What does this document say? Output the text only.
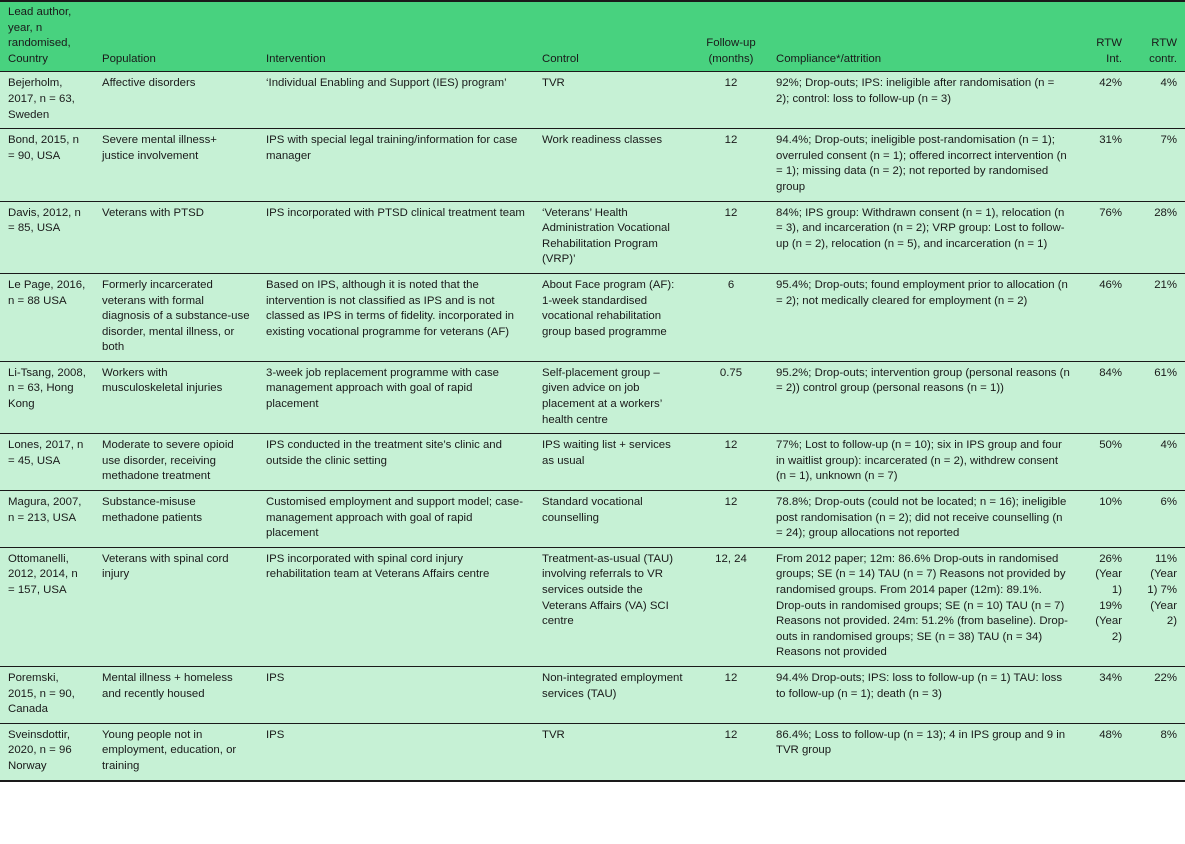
Lead author, year, n randomised, Country	Population	Intervention	Control	Follow-up (months)	Compliance*/attrition	RTW Int.	RTW contr.
Bejerholm, 2017, n = 63, Sweden	Affective disorders	‘Individual Enabling and Support (IES) program’	TVR	12	92%; Drop-outs; IPS: ineligible after randomisation (n = 2); control: loss to follow-up (n = 3)	42%	4%
Bond, 2015, n = 90, USA	Severe mental illness+ justice involvement	IPS with special legal training/information for case manager	Work readiness classes	12	94.4%; Drop-outs; ineligible post-randomisation (n = 1); overruled consent (n = 1); offered incorrect intervention (n = 1); missing data (n = 2); not reported by randomised group	31%	7%
Davis, 2012, n = 85, USA	Veterans with PTSD	IPS incorporated with PTSD clinical treatment team	‘Veterans’ Health Administration Vocational Rehabilitation Program (VRP)’	12	84%; IPS group: Withdrawn consent (n = 1), relocation (n = 3), and incarceration (n = 2); VRP group: Lost to follow-up (n = 2), relocation (n = 5), and incarceration (n = 1)	76%	28%
Le Page, 2016, n = 88 USA	Formerly incarcerated veterans with formal diagnosis of a substance-use disorder, mental illness, or both	Based on IPS, although it is noted that the intervention is not classified as IPS and is not classed as IPS in terms of fidelity. incorporated in existing vocational programme for veterans (AF)	About Face program (AF): 1-week standardised vocational rehabilitation group based programme	6	95.4%; Drop-outs; found employment prior to allocation (n = 2); not medically cleared for employment (n = 2)	46%	21%
Li-Tsang, 2008, n = 63, Hong Kong	Workers with musculoskeletal injuries	3-week job replacement programme with case management approach with goal of rapid placement	Self-placement group – given advice on job placement at a workers’ health centre	0.75	95.2%; Drop-outs; intervention group (personal reasons (n = 2)) control group (personal reasons (n = 1))	84%	61%
Lones, 2017, n = 45, USA	Moderate to severe opioid use disorder, receiving methadone treatment	IPS conducted in the treatment site’s clinic and outside the clinic setting	IPS waiting list + services as usual	12	77%; Lost to follow-up (n = 10); six in IPS group and four in waitlist group): incarcerated (n = 2), withdrew consent (n = 1), unknown (n = 7)	50%	4%
Magura, 2007, n = 213, USA	Substance-misuse methadone patients	Customised employment and support model; case-management approach with goal of rapid placement	Standard vocational counselling	12	78.8%; Drop-outs (could not be located; n = 16); ineligible post randomisation (n = 2); did not receive counselling (n = 24); group allocations not reported	10%	6%
Ottomanelli, 2012, 2014, n = 157, USA	Veterans with spinal cord injury	IPS incorporated with spinal cord injury rehabilitation team at Veterans Affairs centre	Treatment-as-usual (TAU) involving referrals to VR services outside the Veterans Affairs (VA) SCI centre	12, 24	From 2012 paper; 12m: 86.6% Drop-outs in randomised groups; SE (n = 14) TAU (n = 7) Reasons not provided by randomised groups. From 2014 paper (12m): 89.1%. Drop-outs in randomised groups; SE (n = 10) TAU (n = 7) Reasons not provided. 24m: 51.2% (from baseline). Drop-outs in randomised groups; SE (n = 38) TAU (n = 34) Reasons not provided	26% (Year 1) 19% (Year 2)	11% (Year 1) 7% (Year 2)
Poremski, 2015, n = 90, Canada	Mental illness + homeless and recently housed	IPS	Non-integrated employment services (TAU)	12	94.4% Drop-outs; IPS: loss to follow-up (n = 1) TAU: loss to follow-up (n = 1); death (n = 3)	34%	22%
Sveinsdottir, 2020, n = 96 Norway	Young people not in employment, education, or training	IPS	TVR	12	86.4%; Loss to follow-up (n = 13); 4 in IPS group and 9 in TVR group	48%	8%
